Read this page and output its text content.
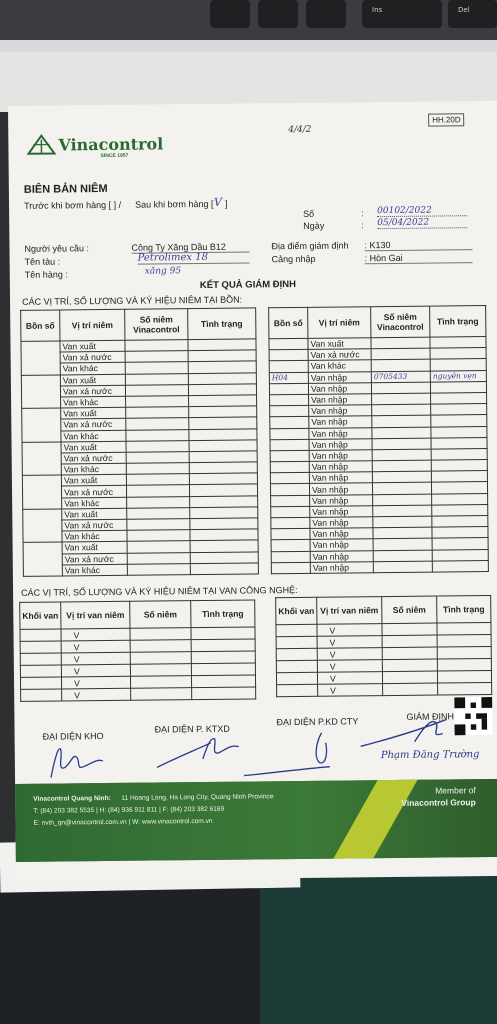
Ins	Del
HH.20D
Vinacontrol
SINCE 1957
4/4/2
BIÊN BẢN NIÊM
Trước khi bơm hàng [ ] / Sau khi bơm hàng [ V ]
Số	: 00102/2022
Ngày	: 05/04/2022
Người yêu cầu :	Công Ty Xăng Dầu B12	Địa điểm giám định : K130
Tên tàu :	Petrolimex 18	Cảng nhập	: Hòn Gai
Tên hàng :	xăng 95
KẾT QUẢ GIÁM ĐỊNH
CÁC VỊ TRÍ, SỐ LƯỢNG VÀ KÝ HIỆU NIÊM TẠI BỒN:
Bồn số	Vị trí niêm	Số niêm Vinacontrol	Tình trạng
	Van xuất		
	Van xả nước		
	Van khác		
	Van xuất		
	Van xả nước		
	Van khác		
	Van xuất		
	Van xả nước		
	Van khác		
	Van xuất		
	Van xả nước		
	Van khác		
	Van xuất		
	Van xả nước		
	Van khác		
	Van xuất		
	Van xả nước		
	Van khác		
	Van xuất		
	Van xả nước		
	Van khác		
Bồn số	Vị trí niêm	Số niêm Vinacontrol	Tình trạng
	Van xuất		
	Van xả nước		
	Van khác		
H04	Van nhập	0705433	nguyên vẹn
	Van nhập		
	Van nhập		
	Van nhập		
	Van nhập		
	Van nhập		
	Van nhập		
	Van nhập		
	Van nhập		
	Van nhập		
	Van nhập		
	Van nhập		
	Van nhập		
	Van nhập		
	Van nhập		
	Van nhập		
	Van nhập		
	Van nhập		
CÁC VỊ TRÍ, SỐ LƯỢNG VÀ KÝ HIỆU NIÊM TẠI VAN CÔNG NGHỆ:
Khối van	Vị trí van niêm	Số niêm	Tình trạng
	V		
	V		
	V		
	V		
	V		
	V		
Khối van	Vị trí van niêm	Số niêm	Tình trạng
	V		
	V		
	V		
	V		
	V		
	V		
ĐẠI DIỆN KHO
ĐẠI DIỆN P. KTXD
ĐẠI DIỆN P.KD CTY	GIÁM ĐỊNH
Phạm Đăng Trường
Vinacontrol Quang Ninh: 11 Hoang Long, Ha Long City, Quang Ninh Province
T: (84) 203 382 5535 | H: (84) 936 911 811 | F: (84) 203 382 6169
E: nvth_qn@vinacontrol.com.vn | W: www.vinacontrol.com.vn
Member of
Vinacontrol Group
